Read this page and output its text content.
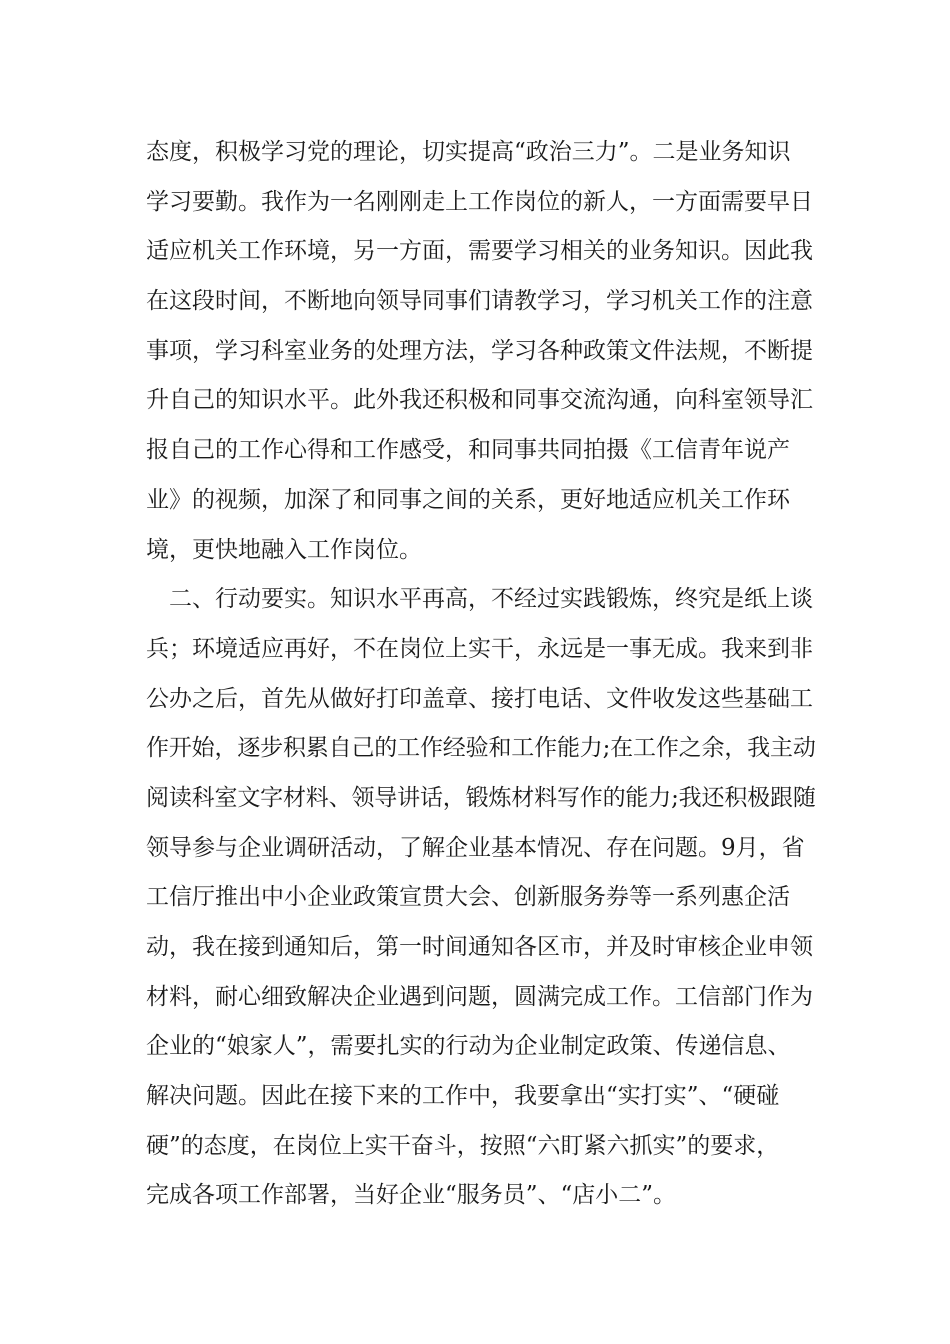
态度，积极学习党的理论，切实提高“政治三力”。二是业务知识
学习要勤。我作为一名刚刚走上工作岗位的新人，一方面需要早日
适应机关工作环境，另一方面，需要学习相关的业务知识。因此我
在这段时间，不断地向领导同事们请教学习，学习机关工作的注意
事项，学习科室业务的处理方法，学习各种政策文件法规，不断提
升自己的知识水平。此外我还积极和同事交流沟通，向科室领导汇
报自己的工作心得和工作感受，和同事共同拍摄《工信青年说产
业》的视频，加深了和同事之间的关系，更好地适应机关工作环
境，更快地融入工作岗位。
　二、行动要实。知识水平再高，不经过实践锻炼，终究是纸上谈
兵；环境适应再好，不在岗位上实干，永远是一事无成。我来到非
公办之后，首先从做好打印盖章、接打电话、文件收发这些基础工
作开始，逐步积累自己的工作经验和工作能力;在工作之余，我主动
阅读科室文字材料、领导讲话，锻炼材料写作的能力;我还积极跟随
领导参与企业调研活动，了解企业基本情况、存在问题。9月，省
工信厅推出中小企业政策宣贯大会、创新服务券等一系列惠企活
动，我在接到通知后，第一时间通知各区市，并及时审核企业申领
材料，耐心细致解决企业遇到问题，圆满完成工作。工信部门作为
企业的“娘家人”，需要扎实的行动为企业制定政策、传递信息、
解决问题。因此在接下来的工作中，我要拿出“实打实”、“硬碰
硬”的态度，在岗位上实干奋斗，按照“六盯紧六抓实”的要求，
完成各项工作部署，当好企业“服务员”、“店小二”。
